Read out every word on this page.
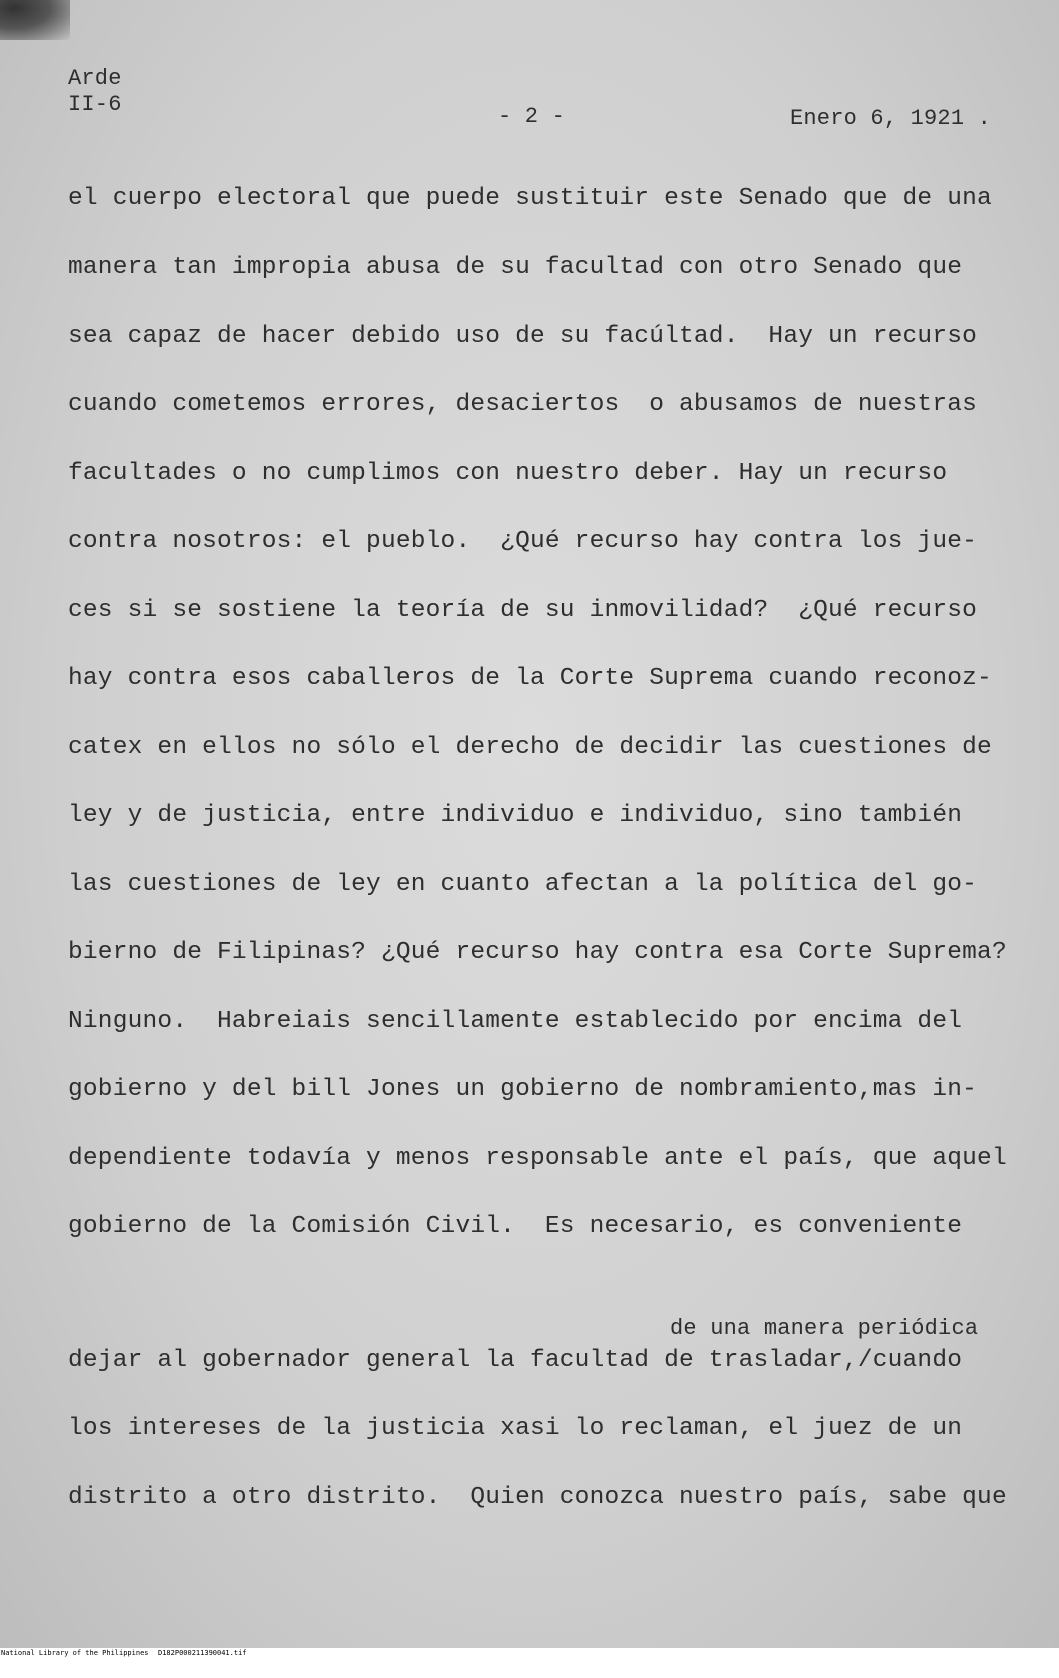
Arde
II-6	- 2 -	Enero 6, 1921 .
el cuerpo electoral que puede sustituir este Senado que de una
manera tan impropia abusa de su facultad con otro Senado que
sea capaz de hacer debido uso de su facúltad.  Hay un recurso
cuando cometemos errores, desaciertos  o abusamos de nuestras
facultades o no cumplimos con nuestro deber. Hay un recurso
contra nosotros: el pueblo.  ¿Qué recurso hay contra los jue-
ces si se sostiene la teoría de su inmovilidad?  ¿Qué recurso
hay contra esos caballeros de la Corte Suprema cuando reconoz-
catex en ellos no sólo el derecho de decidir las cuestiones de
ley y de justicia, entre individuo e individuo, sino también
las cuestiones de ley en cuanto afectan a la política del go-
bierno de Filipinas? ¿Qué recurso hay contra esa Corte Suprema?
Ninguno.  Habreiais sencillamente establecido por encima del
gobierno y del bill Jones un gobierno de nombramiento,mas in-
dependiente todavía y menos responsable ante el país, que aquel
gobierno de la Comisión Civil.  Es necesario, es conveniente
dejar al gobernador general la facultad de trasladar,/cuando
los intereses de la justicia xasi lo reclaman, el juez de un
distrito a otro distrito.  Quien conozca nuestro país, sabe que
de una manera periódica

National Library of the Philippines

D182P000211390041.tif
